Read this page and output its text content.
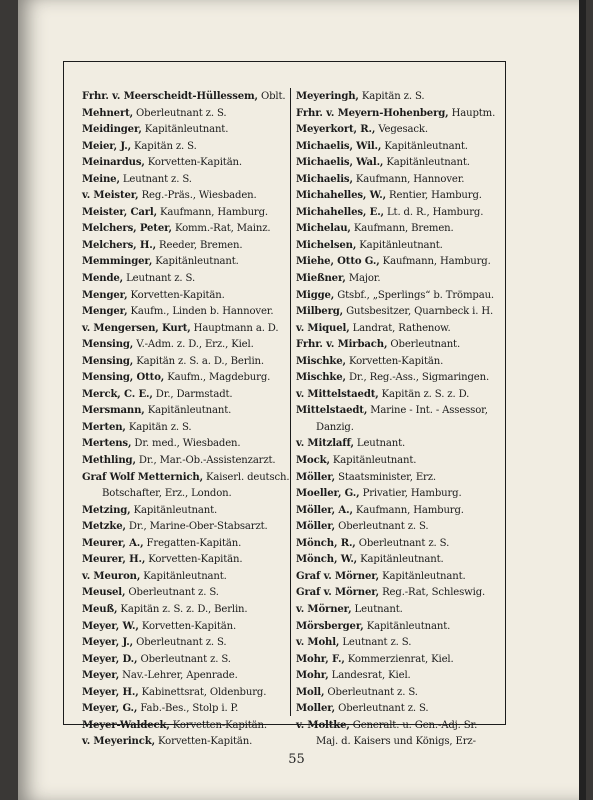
Frhr. v. Meerscheidt-Hüllessem, Oblt.
Mehnert, Oberleutnant z. S.
Meidinger, Kapitänleutnant.
Meier, J., Kapitän z. S.
Meinardus, Korvetten-Kapitän.
Meine, Leutnant z. S.
v. Meister, Reg.-Präs., Wiesbaden.
Meister, Carl, Kaufmann, Hamburg.
Melchers, Peter, Komm.-Rat, Mainz.
Melchers, H., Reeder, Bremen.
Memminger, Kapitänleutnant.
Mende, Leutnant z. S.
Menger, Korvetten-Kapitän.
Menger, Kaufm., Linden b. Hannover.
v. Mengersen, Kurt, Hauptmann a. D.
Mensing, V.-Adm. z. D., Erz., Kiel.
Mensing, Kapitän z. S. a. D., Berlin.
Mensing, Otto, Kaufm., Magdeburg.
Merck, C. E., Dr., Darmstadt.
Mersmann, Kapitänleutnant.
Merten, Kapitän z. S.
Mertens, Dr. med., Wiesbaden.
Methling, Dr., Mar.-Ob.-Assistenzarzt.
Graf Wolf Metternich, Kaiserl. deutsch.
Botschafter, Erz., London.
Metzing, Kapitänleutnant.
Metzke, Dr., Marine-Ober-Stabsarzt.
Meurer, A., Fregatten-Kapitän.
Meurer, H., Korvetten-Kapitän.
v. Meuron, Kapitänleutnant.
Meusel, Oberleutnant z. S.
Meuß, Kapitän z. S. z. D., Berlin.
Meyer, W., Korvetten-Kapitän.
Meyer, J., Oberleutnant z. S.
Meyer, D., Oberleutnant z. S.
Meyer, Nav.-Lehrer, Apenrade.
Meyer, H., Kabinettsrat, Oldenburg.
Meyer, G., Fab.-Bes., Stolp i. P.
Meyer-Waldeck, Korvetten-Kapitän.
v. Meyerinck, Korvetten-Kapitän.
Meyeringh, Kapitän z. S.
Frhr. v. Meyern-Hohenberg, Hauptm.
Meyerkort, R., Vegesack.
Michaelis, Wil., Kapitänleutnant.
Michaelis, Wal., Kapitänleutnant.
Michaelis, Kaufmann, Hannover.
Michahelles, W., Rentier, Hamburg.
Michahelles, E., Lt. d. R., Hamburg.
Michelau, Kaufmann, Bremen.
Michelsen, Kapitänleutnant.
Miehe, Otto G., Kaufmann, Hamburg.
Mießner, Major.
Migge, Gtsbf., „Sperlings“ b. Trömpau.
Milberg, Gutsbesitzer, Quarnbeck i. H.
v. Miquel, Landrat, Rathenow.
Frhr. v. Mirbach, Oberleutnant.
Mischke, Korvetten-Kapitän.
Mischke, Dr., Reg.-Ass., Sigmaringen.
v. Mittelstaedt, Kapitän z. S. z. D.
Mittelstaedt, Marine - Int. - Assessor,
Danzig.
v. Mitzlaff, Leutnant.
Mock, Kapitänleutnant.
Möller, Staatsminister, Erz.
Moeller, G., Privatier, Hamburg.
Möller, A., Kaufmann, Hamburg.
Möller, Oberleutnant z. S.
Mönch, R., Oberleutnant z. S.
Mönch, W., Kapitänleutnant.
Graf v. Mörner, Kapitänleutnant.
Graf v. Mörner, Reg.-Rat, Schleswig.
v. Mörner, Leutnant.
Mörsberger, Kapitänleutnant.
v. Mohl, Leutnant z. S.
Mohr, F., Kommerzienrat, Kiel.
Mohr, Landesrat, Kiel.
Moll, Oberleutnant z. S.
Moller, Oberleutnant z. S.
v. Moltke, Generalt. u. Gen.-Adj. Sr.
Maj. d. Kaisers und Königs, Erz-
55
